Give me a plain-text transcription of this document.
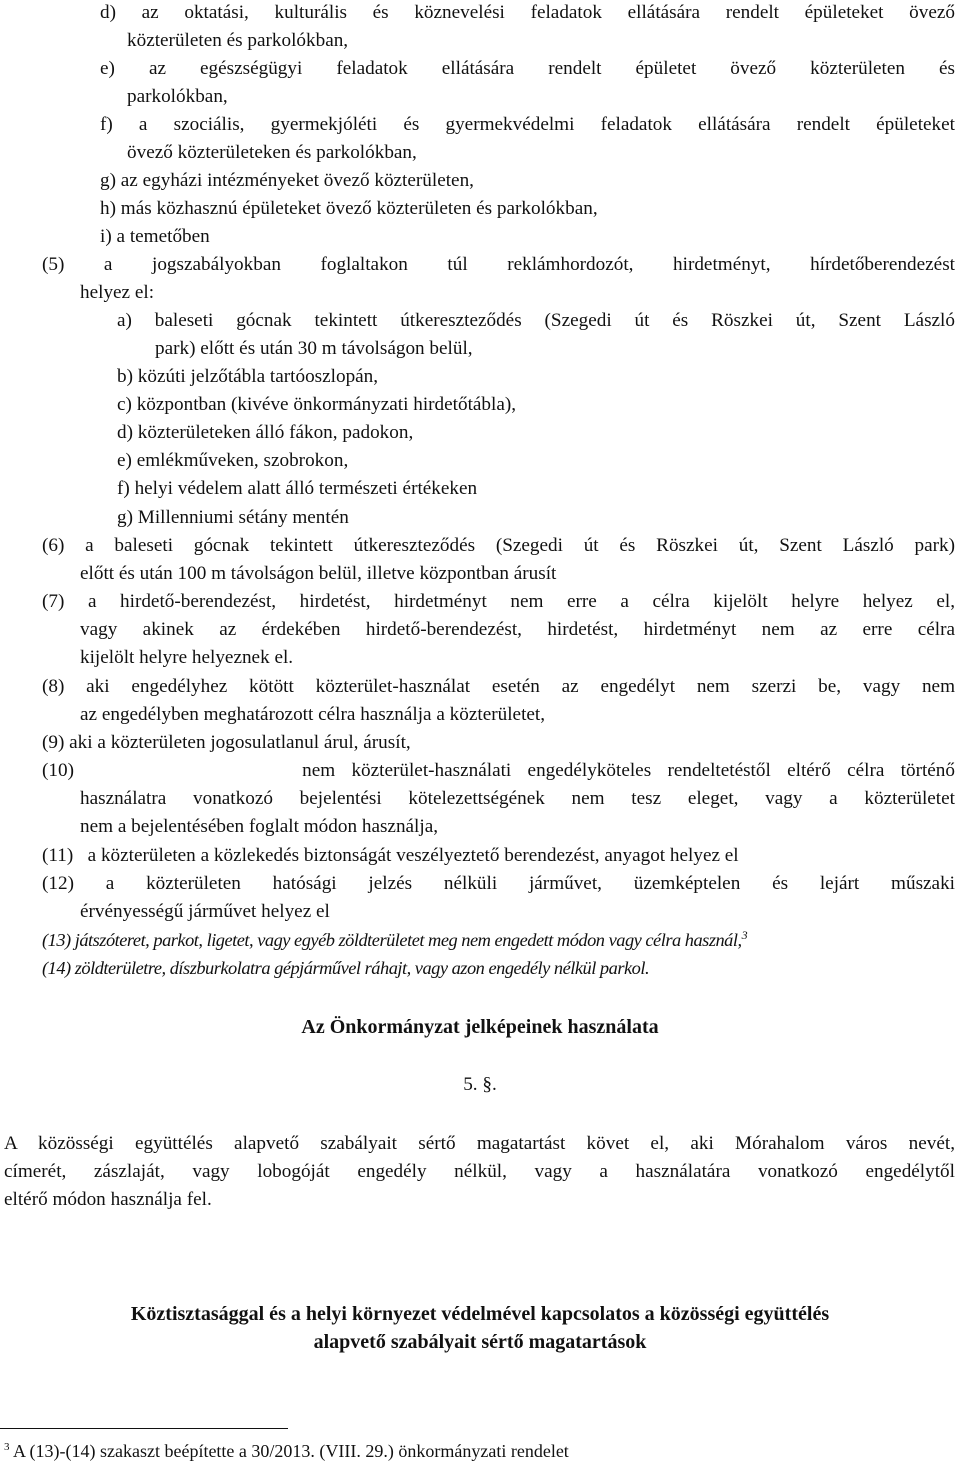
d) az oktatási, kulturális és köznevelési feladatok ellátására rendelt épületeket övező
közterületen és parkolókban,
e) az egészségügyi feladatok ellátására rendelt épületet övező közterületen és
parkolókban,
f) a szociális, gyermekjóléti és gyermekvédelmi feladatok ellátására rendelt épületeket
övező közterületeken és parkolókban,
g) az egyházi intézményeket övező közterületen,
h) más közhasznú épületeket övező közterületen és parkolókban,
i) a temetőben
(5) a jogszabályokban foglaltakon túl reklámhordozót, hirdetményt, hírdetőberendezést
helyez el:
a) baleseti gócnak tekintett útkereszteződés (Szegedi út és Röszkei út, Szent László
park) előtt és után 30 m távolságon belül,
b) közúti jelzőtábla tartóoszlopán,
c) központban (kivéve önkormányzati hirdetőtábla),
d) közterületeken álló fákon, padokon,
e) emlékműveken, szobrokon,
f) helyi védelem alatt álló természeti értékeken
g) Millenniumi sétány mentén
(6) a baleseti gócnak tekintett útkereszteződés (Szegedi út és Röszkei út, Szent László park)
előtt és után 100 m távolságon belül, illetve központban árusít
(7) a hirdető-berendezést, hirdetést, hirdetményt nem erre a célra kijelölt helyre helyez el,
vagy akinek az érdekében hirdető-berendezést, hirdetést, hirdetményt nem az erre célra
kijelölt helyre helyeznek el.
(8) aki engedélyhez kötött közterület-használat esetén az engedélyt nem szerzi be, vagy nem
az engedélyben meghatározott célra használja a közterületet,
(9) aki a közterületen jogosulatlanul árul, árusít,
(10)              nem közterület-használati engedélyköteles rendeltetéstől eltérő célra történő
használatra vonatkozó bejelentési kötelezettségének nem tesz eleget, vagy a közterületet
nem a bejelentésében foglalt módon használja,
(11)   a közterületen a közlekedés biztonságát veszélyeztető berendezést, anyagot helyez el
(12) a közterületen hatósági jelzés nélküli járművet, üzemképtelen és lejárt műszaki
érvényességű járművet helyez el
(13) játszóteret, parkot, ligetet, vagy egyéb zöldterületet meg nem engedett módon vagy célra használ,$^3$
(14) zöldterületre, díszburkolatra gépjárművel ráhajt, vagy azon engedély nélkül parkol.
Az Önkormányzat jelképeinek használata
5. §.
A közösségi együttélés alapvető szabályait sértő magatartást követ el, aki Mórahalom város nevét,
címerét, zászlaját, vagy lobogóját engedély nélkül, vagy a használatára vonatkozó engedélytől
eltérő módon használja fel.
Köztisztasággal és a helyi környezet védelmével kapcsolatos a közösségi együttélés
alapvető szabályait sértő magatartások
$^3$ A (13)-(14) szakaszt beépítette a 30/2013. (VIII. 29.) önkormányzati rendelet
